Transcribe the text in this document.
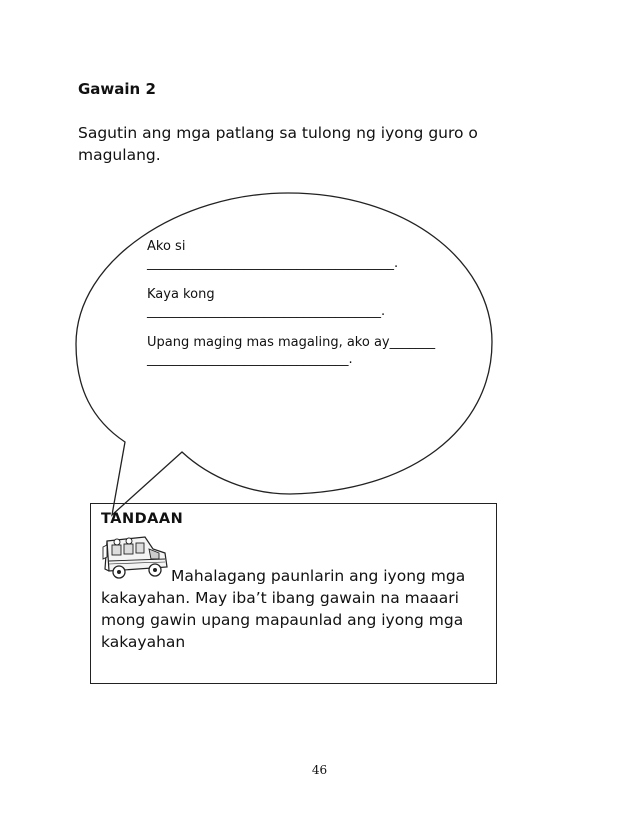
Gawain 2
Sagutin ang mga patlang sa tulong ng iyong guro o magulang.

Ako si ______________________________________.

Kaya kong ____________________________________.

Upang maging mas magaling, ako ay______________________________________.

TANDAAN
Mahalagang paunlarin ang iyong mga kakayahan. May iba’t ibang gawain na maaari mong gawin upang mapaunlad ang iyong mga kakayahan
46
